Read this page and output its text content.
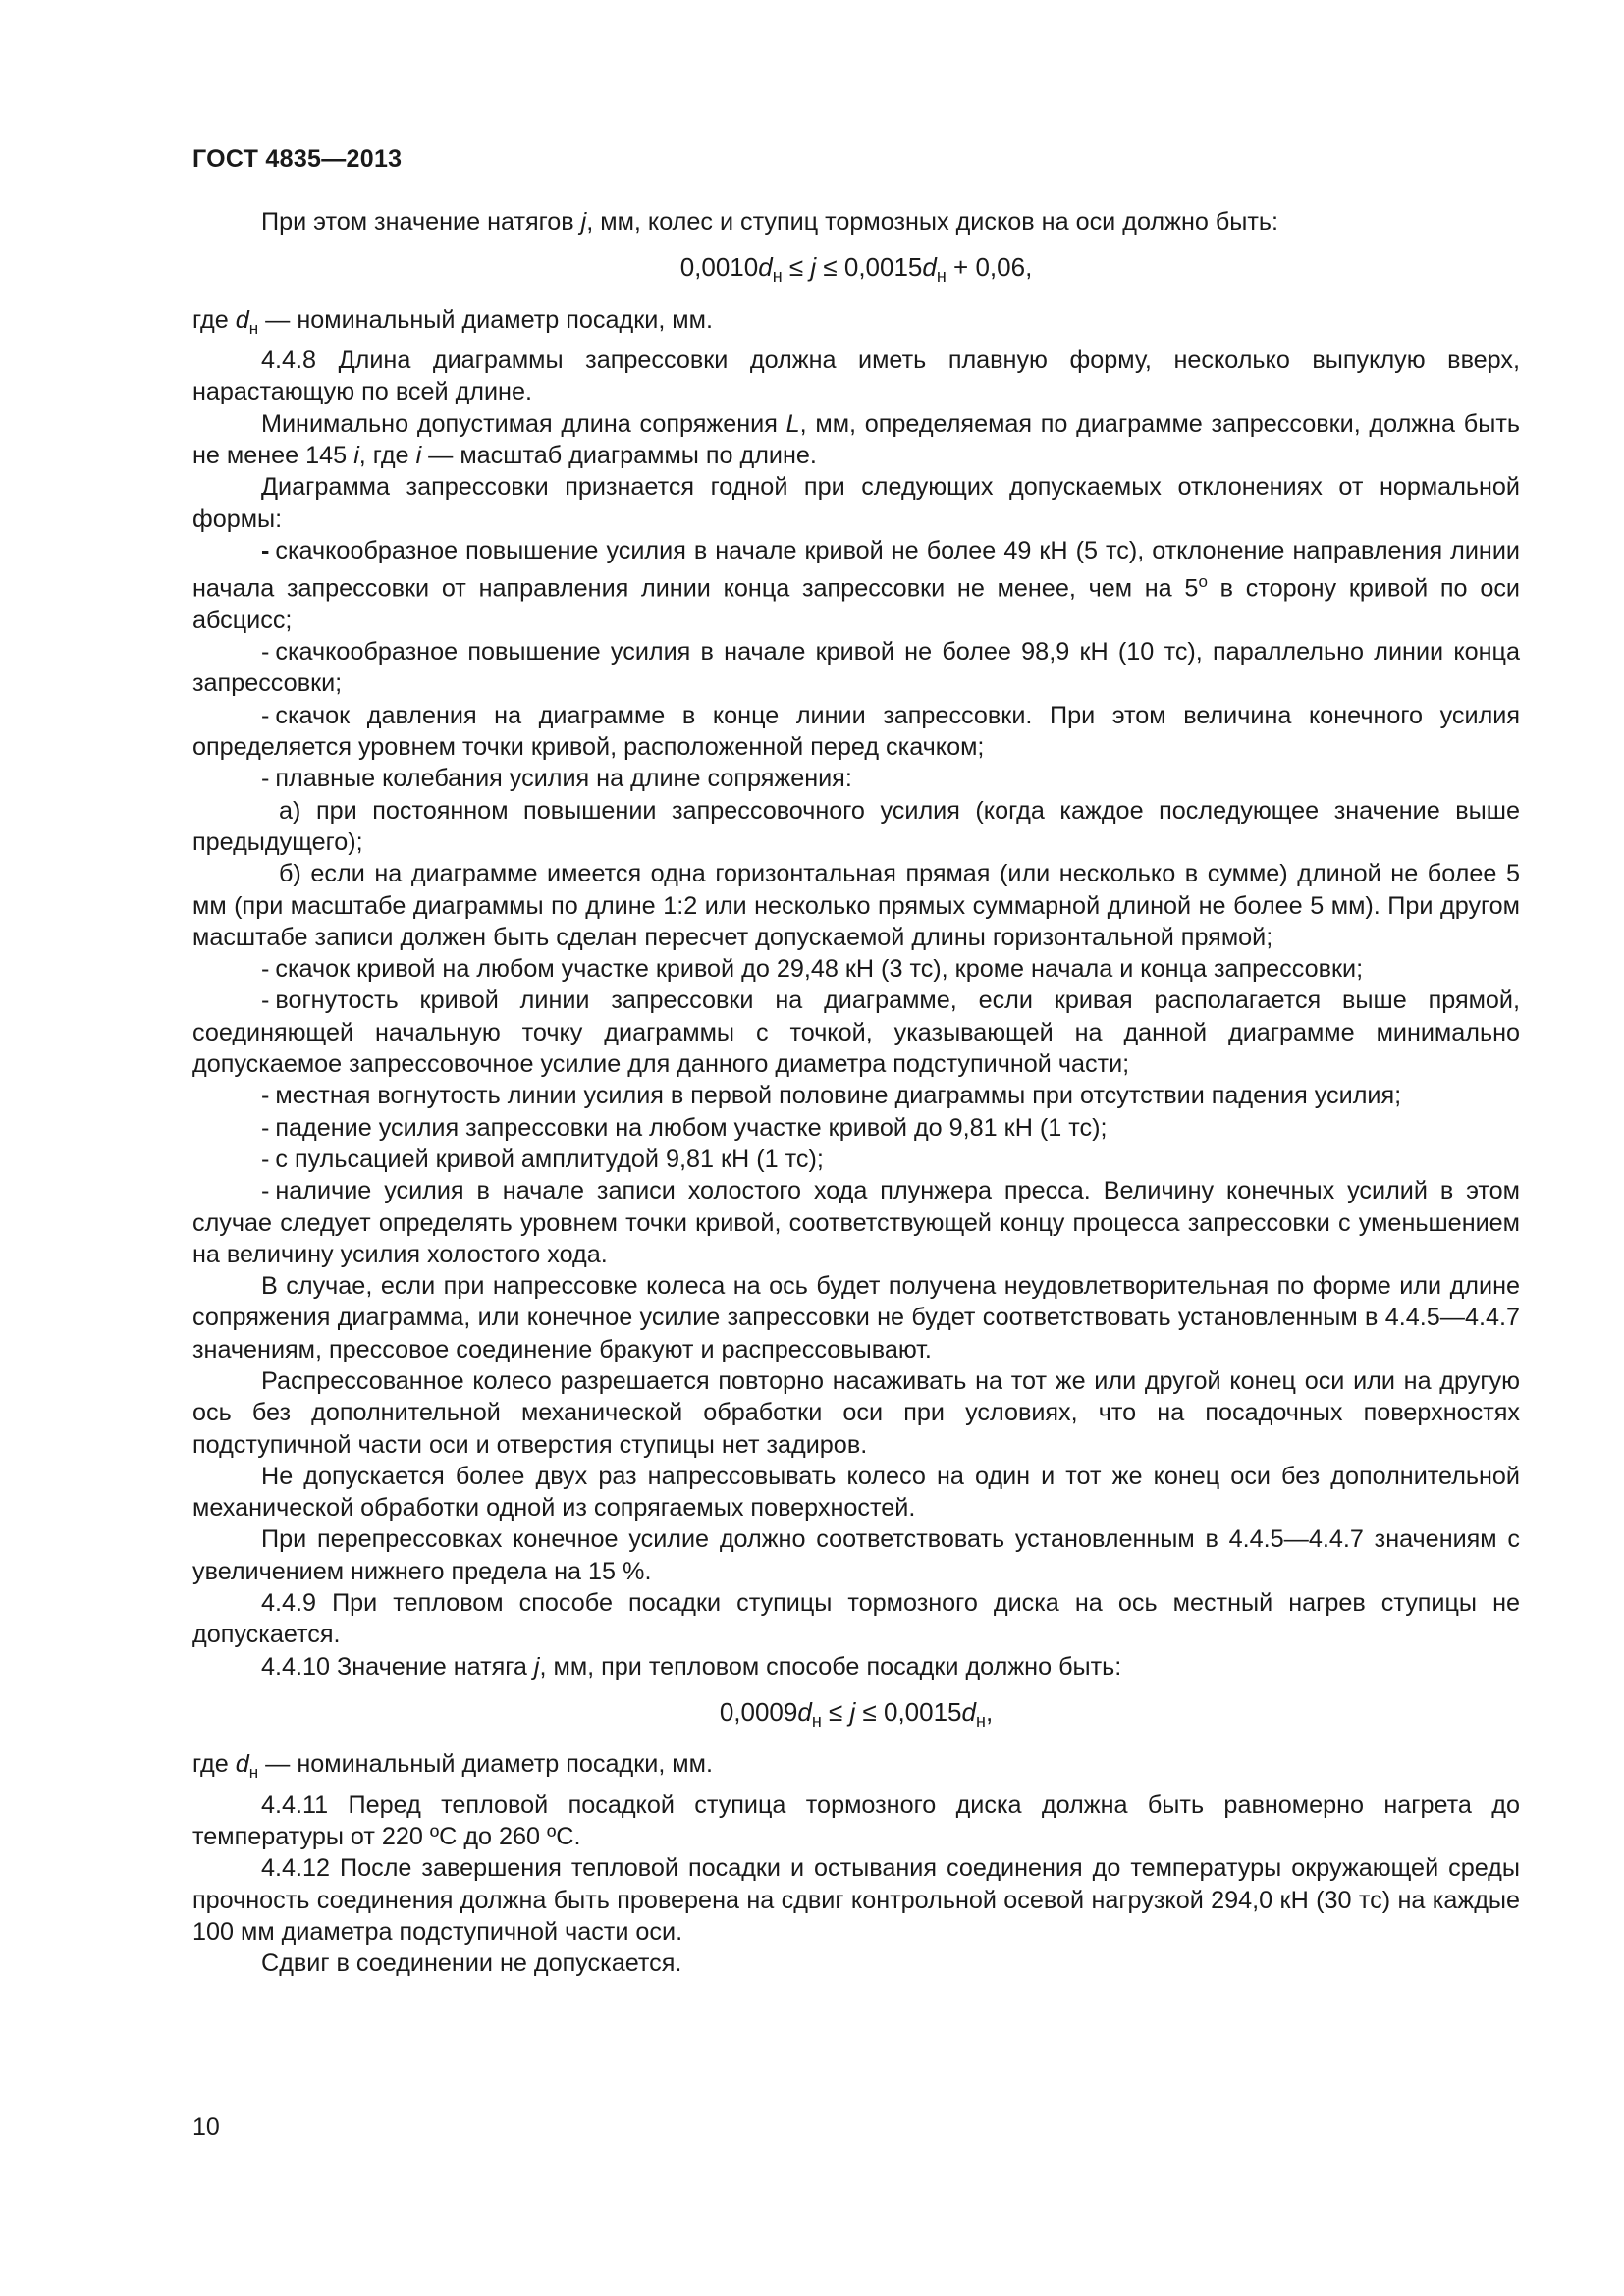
ГОСТ 4835—2013

При этом значение натягов j, мм, колес и ступиц тормозных дисков на оси должно быть:

$0,0010d_н \le j \le 0,0015d_н + 0,06$,

где $d_н$ — номинальный диаметр посадки, мм.

4.4.8 Длина диаграммы запрессовки должна иметь плавную форму, несколько выпуклую вверх, нарастающую по всей длине.

Минимально допустимая длина сопряжения L, мм, определяемая по диаграмме запрессовки, должна быть не менее 145 i, где i — масштаб диаграммы по длине.

Диаграмма запрессовки признается годной при следующих допускаемых отклонениях от нормальной формы:

- скачкообразное повышение усилия в начале кривой не более 49 кН (5 тс), отклонение направления линии начала запрессовки от направления линии конца запрессовки не менее, чем на $5^о$ в сторону кривой по оси абсцисс;

- скачкообразное повышение усилия в начале кривой не более 98,9 кН (10 тс), параллельно линии конца запрессовки;

- скачок давления на диаграмме в конце линии запрессовки. При этом величина конечного усилия определяется уровнем точки кривой, расположенной перед скачком;

- плавные колебания усилия на длине сопряжения:

а) при постоянном повышении запрессовочного усилия (когда каждое последующее значение выше предыдущего);

б) если на диаграмме имеется одна горизонтальная прямая (или несколько в сумме) длиной не более 5 мм (при масштабе диаграммы по длине 1:2 или несколько прямых суммарной длиной не более 5 мм). При другом масштабе записи должен быть сделан пересчет допускаемой длины горизонтальной прямой;

- скачок кривой на любом участке кривой до 29,48 кН (3 тс), кроме начала и конца запрессовки;

- вогнутость кривой линии запрессовки на диаграмме, если кривая располагается выше прямой, соединяющей начальную точку диаграммы с точкой, указывающей на данной диаграмме минимально допускаемое запрессовочное усилие для данного диаметра подступичной части;

- местная вогнутость линии усилия в первой половине диаграммы при отсутствии падения усилия;

- падение усилия запрессовки на любом участке кривой до 9,81 кН (1 тс);

- с пульсацией кривой амплитудой 9,81 кН (1 тс);

- наличие усилия в начале записи холостого хода плунжера пресса. Величину конечных усилий в этом случае следует определять уровнем точки кривой, соответствующей концу процесса запрессовки с уменьшением на величину усилия холостого хода.

В случае, если при напрессовке колеса на ось будет получена неудовлетворительная по форме или длине сопряжения диаграмма, или конечное усилие запрессовки не будет соответствовать установленным в 4.4.5—4.4.7 значениям, прессовое соединение бракуют и распрессовывают.

Распрессованное колесо разрешается повторно насаживать на тот же или другой конец оси или на другую ось без дополнительной механической обработки оси при условиях, что на посадочных поверхностях подступичной части оси и отверстия ступицы нет задиров.

Не допускается более двух раз напрессовывать колесо на один и тот же конец оси без дополнительной механической обработки одной из сопрягаемых поверхностей.

При перепрессовках конечное усилие должно соответствовать установленным в 4.4.5—4.4.7 значениям с увеличением нижнего предела на 15 %.

4.4.9 При тепловом способе посадки ступицы тормозного диска на ось местный нагрев ступицы не допускается.

4.4.10 Значение натяга j, мм, при тепловом способе посадки должно быть:

$0,0009d_н \le j \le 0,0015d_н$,

где $d_н$ — номинальный диаметр посадки, мм.

4.4.11 Перед тепловой посадкой ступица тормозного диска должна быть равномерно нагрета до температуры от 220 ºС до 260 ºС.

4.4.12 После завершения тепловой посадки и остывания соединения до температуры окружающей среды прочность соединения должна быть проверена на сдвиг контрольной осевой нагрузкой 294,0 кН (30 тс) на каждые 100 мм диаметра подступичной части оси.

Сдвиг в соединении не допускается.

10
